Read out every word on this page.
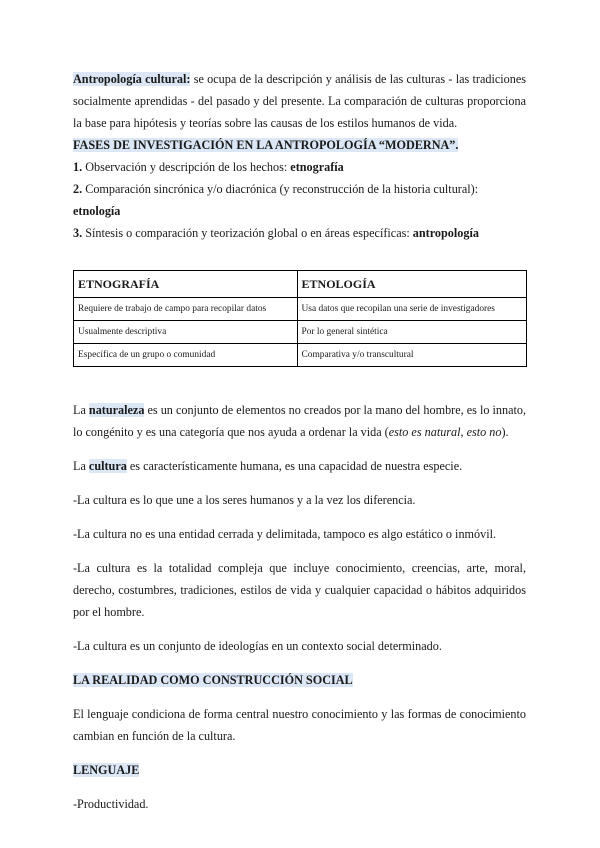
Antropología cultural: se ocupa de la descripción y análisis de las culturas - las tradiciones socialmente aprendidas - del pasado y del presente. La comparación de culturas proporciona la base para hipótesis y teorías sobre las causas de los estilos humanos de vida.

FASES DE INVESTIGACIÓN EN LA ANTROPOLOGÍA “MODERNA”.

1. Observación y descripción de los hechos: etnografía

2. Comparación sincrónica y/o diacrónica (y reconstrucción de la historia cultural): etnología

3. Síntesis o comparación y teorización global o en áreas específicas: antropología

ETNOGRAFÍA	ETNOLOGÍA
Requiere de trabajo de campo para recopilar datos	Usa datos que recopilan una serie de investigadores
Usualmente descriptiva	Por lo general sintética
Específica de un grupo o comunidad	Comparativa y/o transcultural

La naturaleza es un conjunto de elementos no creados por la mano del hombre, es lo innato, lo congénito y es una categoría que nos ayuda a ordenar la vida (esto es natural, esto no).

La cultura es característicamente humana, es una capacidad de nuestra especie.

-La cultura es lo que une a los seres humanos y a la vez los diferencia.

-La cultura no es una entidad cerrada y delimitada, tampoco es algo estático o inmóvil.

-La cultura es la totalidad compleja que incluye conocimiento, creencias, arte, moral, derecho, costumbres, tradiciones, estilos de vida y cualquier capacidad o hábitos adquiridos por el hombre.

-La cultura es un conjunto de ideologías en un contexto social determinado.

LA REALIDAD COMO CONSTRUCCIÓN SOCIAL

El lenguaje condiciona de forma central nuestro conocimiento y las formas de conocimiento cambian en función de la cultura.

LENGUAJE

-Productividad.
